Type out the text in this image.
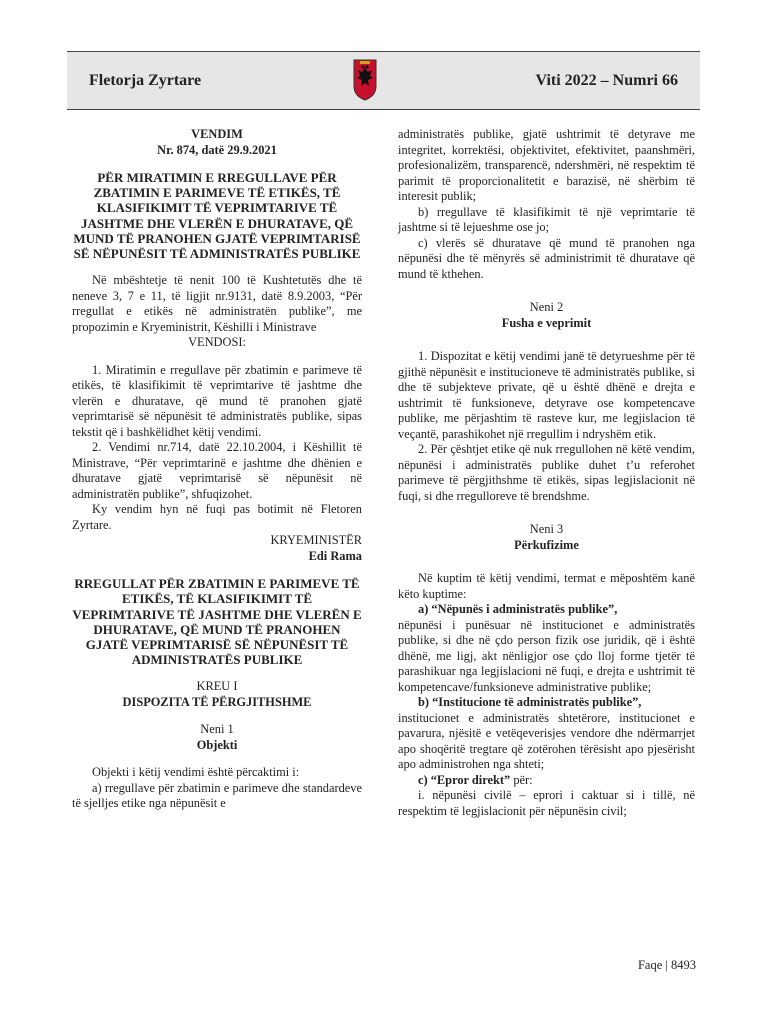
Fletorja Zyrtare	Viti 2022 – Numri 66

VENDIM

Nr. 874, datë 29.9.2021

PËR MIRATIMIN E RREGULLAVE PËR ZBATIMIN E PARIMEVE TË ETIKËS, TË KLASIFIKIMIT TË VEPRIMTARIVE TË JASHTME DHE VLERËN E DHURATAVE, QË MUND TË PRANOHEN GJATË VEPRIMTARISË SË NËPUNËSIT TË ADMINISTRATËS PUBLIKE

Në mbështetje të nenit 100 të Kushtetutës dhe të neneve 3, 7 e 11, të ligjit nr.9131, datë 8.9.2003, “Për rregullat e etikës në administratën publike”, me propozimin e Kryeministrit, Këshilli i Ministrave

VENDOSI:

1. Miratimin e rregullave për zbatimin e parimeve të etikës, të klasifikimit të veprimtarive të jashtme dhe vlerën e dhuratave, që mund të pranohen gjatë veprimtarisë së nëpunësit të administratës publike, sipas tekstit që i bashkëlidhet këtij vendimi.

2. Vendimi nr.714, datë 22.10.2004, i Këshillit të Ministrave, “Për veprimtarinë e jashtme dhe dhënien e dhuratave gjatë veprimtarisë së nëpunësit në administratën publike”, shfuqizohet.

Ky vendim hyn në fuqi pas botimit në Fletoren Zyrtare.

KRYEMINISTËR

Edi Rama

RREGULLAT PËR ZBATIMIN E PARIMEVE TË ETIKËS, TË KLASIFIKIMIT TË VEPRIMTARIVE TË JASHTME DHE VLERËN E DHURATAVE, QË MUND TË PRANOHEN GJATË VEPRIMTARISË SË NËPUNËSIT TË ADMINISTRATËS PUBLIKE

KREU I

DISPOZITA TË PËRGJITHSHME

Neni 1

Objekti

Objekti i këtij vendimi është përcaktimi i:

a) rregullave për zbatimin e parimeve dhe standardeve të sjelljes etike nga nëpunësit e

administratës publike, gjatë ushtrimit të detyrave me integritet, korrektësi, objektivitet, efektivitet, paanshmëri, profesionalizëm, transparencë, ndershmëri, në respektim të parimit të proporcionalitetit e barazisë, në shërbim të interesit publik;

b) rregullave të klasifikimit të një veprimtarie të jashtme si të lejueshme ose jo;

c) vlerës së dhuratave që mund të pranohen nga nëpunësi dhe të mënyrës së administrimit të dhuratave që mund të kthehen.

Neni 2

Fusha e veprimit

1. Dispozitat e këtij vendimi janë të detyrueshme për të gjithë nëpunësit e institucioneve të administratës publike, si dhe të subjekteve private, që u është dhënë e drejta e ushtrimit të funksioneve, detyrave ose kompetencave publike, me përjashtim të rasteve kur, me legjislacion të veçantë, parashikohet një rregullim i ndryshëm etik.

2. Për çështjet etike që nuk rregullohen në këtë vendim, nëpunësi i administratës publike duhet t’u referohet parimeve të përgjithshme të etikës, sipas legjislacionit në fuqi, si dhe rregulloreve të brendshme.

Neni 3

Përkufizime

Në kuptim të këtij vendimi, termat e mëposhtëm kanë këto kuptime:

a) “Nëpunës i administratës publike”,

nëpunësi i punësuar në institucionet e administratës publike, si dhe në çdo person fizik ose juridik, që i është dhënë, me ligj, akt nënligjor ose çdo lloj forme tjetër të parashikuar nga legjislacioni në fuqi, e drejta e ushtrimit të kompetencave/funksioneve administrative publike;

b) “Institucione të administratës publike”,

institucionet e administratës shtetërore, institucionet e pavarura, njësitë e vetëqeverisjes vendore dhe ndërmarrjet apo shoqëritë tregtare që zotërohen tërësisht apo pjesërisht apo administrohen nga shteti;

c) “Epror direkt” për:

i. nëpunësi civilë – eprori i caktuar si i tillë, në respektim të legjislacionit për nëpunësin civil;

Faqe | 8493
